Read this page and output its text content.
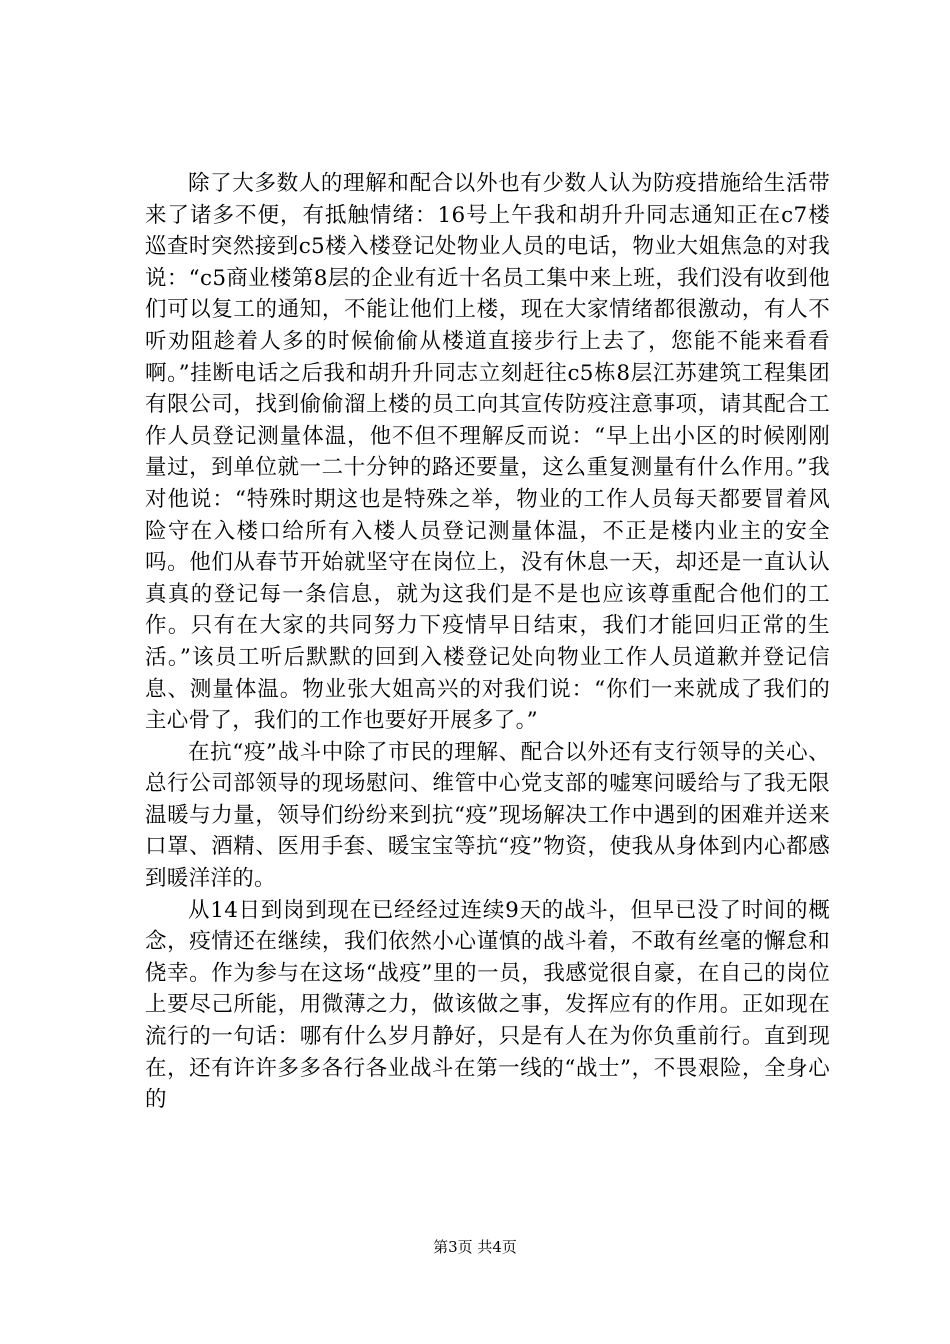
除了大多数人的理解和配合以外也有少数人认为防疫措施给生活带来了诸多不便，有抵触情绪：16号上午我和胡升升同志通知正在c7楼巡查时突然接到c5楼入楼登记处物业人员的电话，物业大姐焦急的对我说：“c5商业楼第8层的企业有近十名员工集中来上班，我们没有收到他们可以复工的通知，不能让他们上楼，现在大家情绪都很激动，有人不听劝阻趁着人多的时候偷偷从楼道直接步行上去了，您能不能来看看啊。”挂断电话之后我和胡升升同志立刻赶往c5栋8层江苏建筑工程集团有限公司，找到偷偷溜上楼的员工向其宣传防疫注意事项，请其配合工作人员登记测量体温，他不但不理解反而说：“早上出小区的时候刚刚量过，到单位就一二十分钟的路还要量，这么重复测量有什么作用。”我对他说：“特殊时期这也是特殊之举，物业的工作人员每天都要冒着风险守在入楼口给所有入楼人员登记测量体温，不正是楼内业主的安全吗。他们从春节开始就坚守在岗位上，没有休息一天，却还是一直认认真真的登记每一条信息，就为这我们是不是也应该尊重配合他们的工作。只有在大家的共同努力下疫情早日结束，我们才能回归正常的生活。”该员工听后默默的回到入楼登记处向物业工作人员道歉并登记信息、测量体温。物业张大姐高兴的对我们说：“你们一来就成了我们的主心骨了，我们的工作也要好开展多了。”

在抗“疫”战斗中除了市民的理解、配合以外还有支行领导的关心、总行公司部领导的现场慰问、维管中心党支部的嘘寒问暖给与了我无限温暖与力量，领导们纷纷来到抗“疫”现场解决工作中遇到的困难并送来口罩、酒精、医用手套、暖宝宝等抗“疫”物资，使我从身体到内心都感到暖洋洋的。

从14日到岗到现在已经经过连续9天的战斗，但早已没了时间的概念，疫情还在继续，我们依然小心谨慎的战斗着，不敢有丝毫的懈怠和侥幸。作为参与在这场“战疫”里的一员，我感觉很自豪，在自己的岗位上要尽己所能，用微薄之力，做该做之事，发挥应有的作用。正如现在流行的一句话：哪有什么岁月静好，只是有人在为你负重前行。直到现在，还有许许多多各行各业战斗在第一线的“战士”，不畏艰险，全身心的

第3页 共4页
